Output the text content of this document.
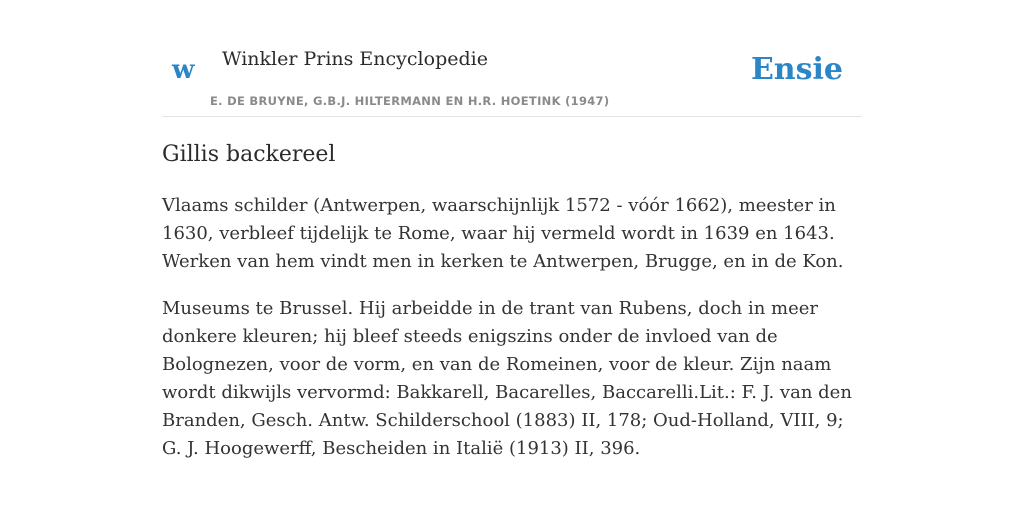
w Winkler Prins Encyclopedie
E. DE BRUYNE, G.B.J. HILTERMANN EN H.R. HOETINK (1947)
Ensie
Gillis backereel

Vlaams schilder (Antwerpen, waarschijnlijk 1572 - vóór 1662), meester in 1630, verbleef tijdelijk te Rome, waar hij vermeld wordt in 1639 en 1643. Werken van hem vindt men in kerken te Antwerpen, Brugge, en in de Kon.

Museums te Brussel. Hij arbeidde in de trant van Rubens, doch in meer donkere kleuren; hij bleef steeds enigszins onder de invloed van de Bolognezen, voor de vorm, en van de Romeinen, voor de kleur. Zijn naam wordt dikwijls vervormd: Bakkarell, Bacarelles, Baccarelli.Lit.: F. J. van den Branden, Gesch. Antw. Schilderschool (1883) II, 178; Oud-Holland, VIII, 9; G. J. Hoogewerff, Bescheiden in Italië (1913) II, 396.
